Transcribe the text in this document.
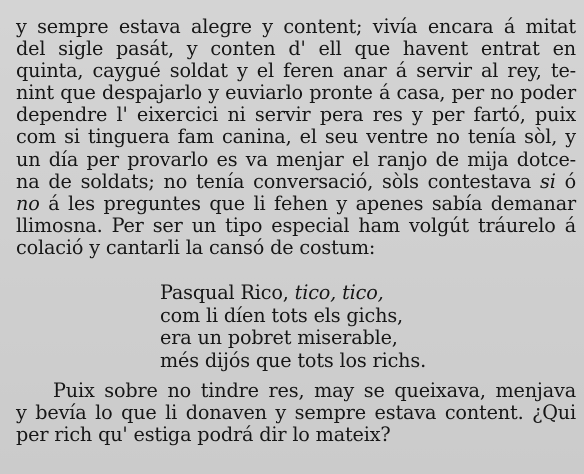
y sempre estava alegre y content; vivía encara á mitat
del sigle pasát, y conten d' ell que havent entrat en
quinta, caygué soldat y el feren anar á servir al rey, te-
nint que despajarlo y euviarlo pronte á casa, per no poder
dependre l' eixercici ni servir pera res y per fartó, puix
com si tinguera fam canina, el seu ventre no tenía sòl, y
un día per provarlo es va menjar el ranjo de mija dotce-
na de soldats; no tenía conversació, sòls contestava si ó
no á les preguntes que li fehen y apenes sabía demanar
llimosna. Per ser un tipo especial ham volgút tráurelo á
colació y cantarli la cansó de costum:
Pasqual Rico, tico, tico,
com li díen tots els gichs,
era un pobret miserable,
més dijós que tots los richs.
Puix sobre no tindre res, may se queixava, menjava
y bevía lo que li donaven y sempre estava content. ¿Qui
per rich qu' estiga podrá dir lo mateix?
